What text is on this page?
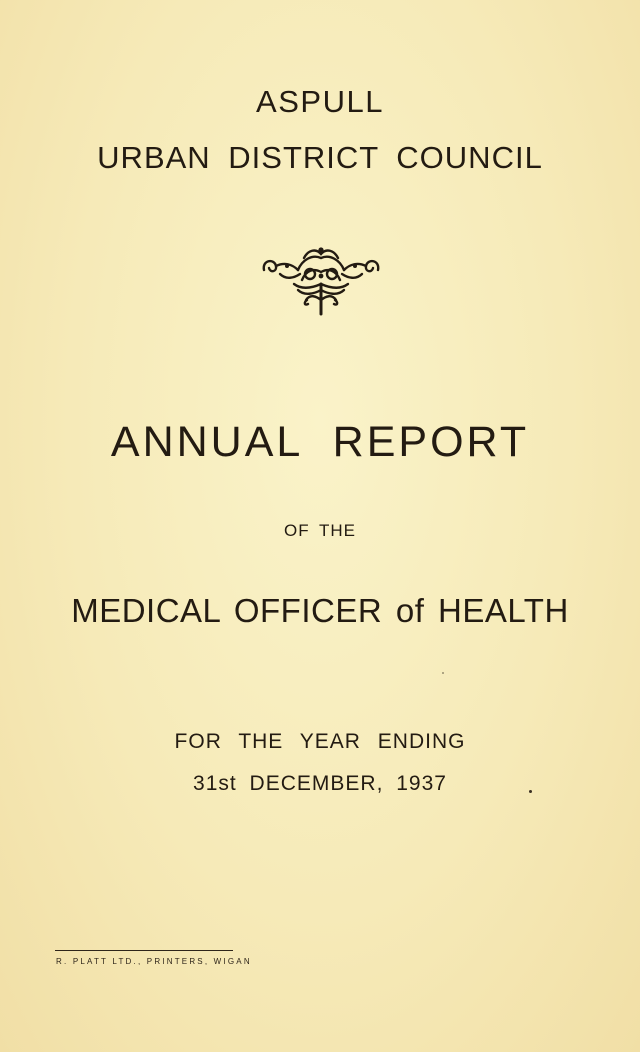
ASPULL
URBAN DISTRICT COUNCIL
ANNUAL REPORT
OF THE
MEDICAL OFFICER of HEALTH
FOR THE YEAR ENDING
31st DECEMBER, 1937
R. PLATT LTD., PRINTERS, WIGAN
